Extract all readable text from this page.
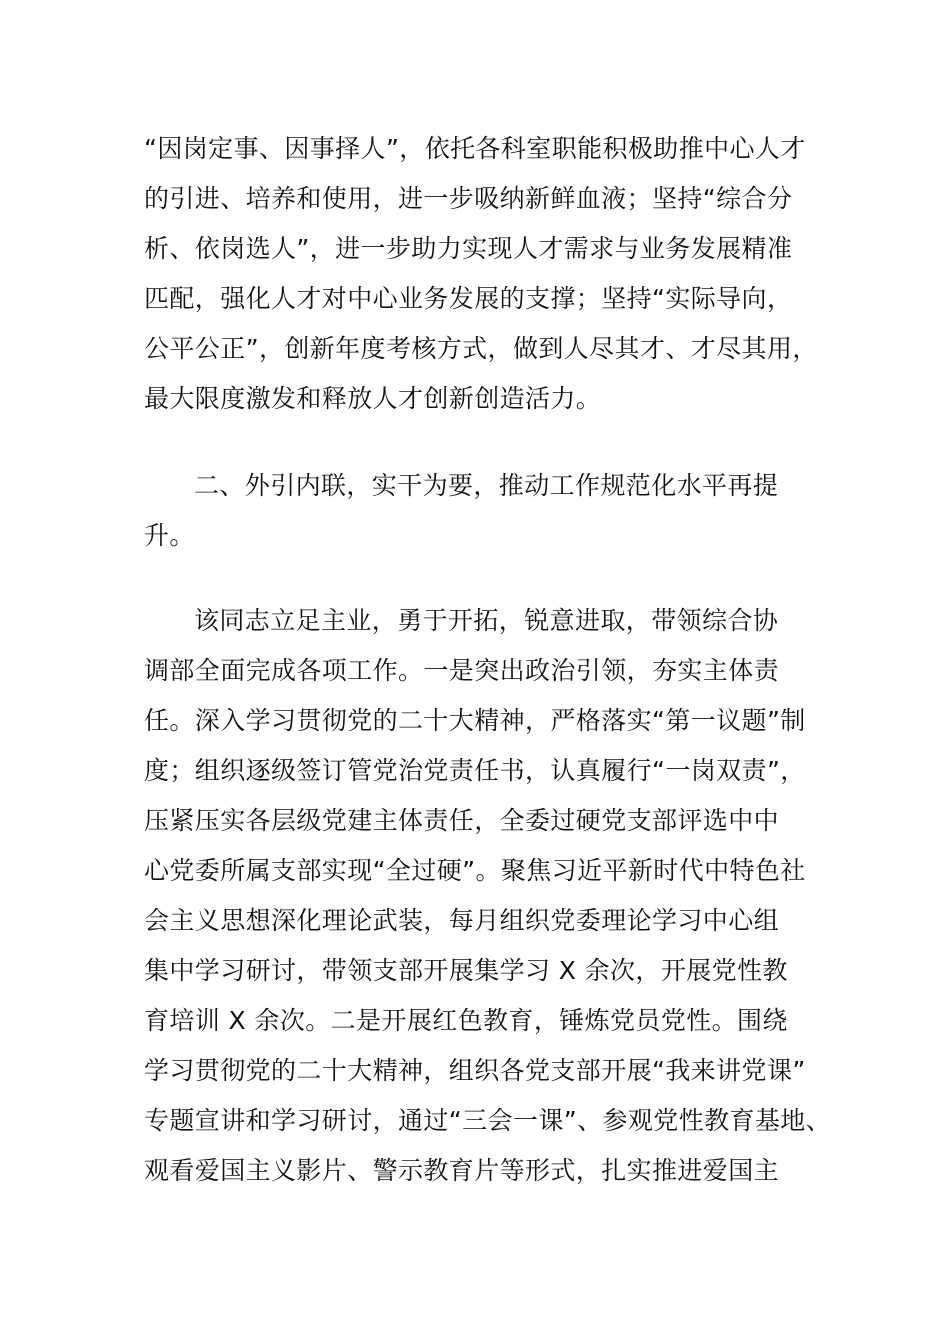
“因岗定事、因事择人”，依托各科室职能积极助推中心人才
的引进、培养和使用，进一步吸纳新鲜血液；坚持“综合分
析、依岗选人”，进一步助力实现人才需求与业务发展精准
匹配，强化人才对中心业务发展的支撑；坚持“实际导向，
公平公正”，创新年度考核方式，做到人尽其才、才尽其用，
最大限度激发和释放人才创新创造活力。
二、外引内联，实干为要，推动工作规范化水平再提
升。
该同志立足主业，勇于开拓，锐意进取，带领综合协
调部全面完成各项工作。一是突出政治引领，夯实主体责
任。深入学习贯彻党的二十大精神，严格落实“第一议题”制
度；组织逐级签订管党治党责任书，认真履行“一岗双责”，
压紧压实各层级党建主体责任，全委过硬党支部评选中中
心党委所属支部实现“全过硬”。聚焦习近平新时代中特色社
会主义思想深化理论武装，每月组织党委理论学习中心组
集中学习研讨，带领支部开展集学习 X 余次，开展党性教
育培训 X 余次。二是开展红色教育，锤炼党员党性。围绕
学习贯彻党的二十大精神，组织各党支部开展“我来讲党课”
专题宣讲和学习研讨，通过“三会一课”、参观党性教育基地、
观看爱国主义影片、警示教育片等形式，扎实推进爱国主
